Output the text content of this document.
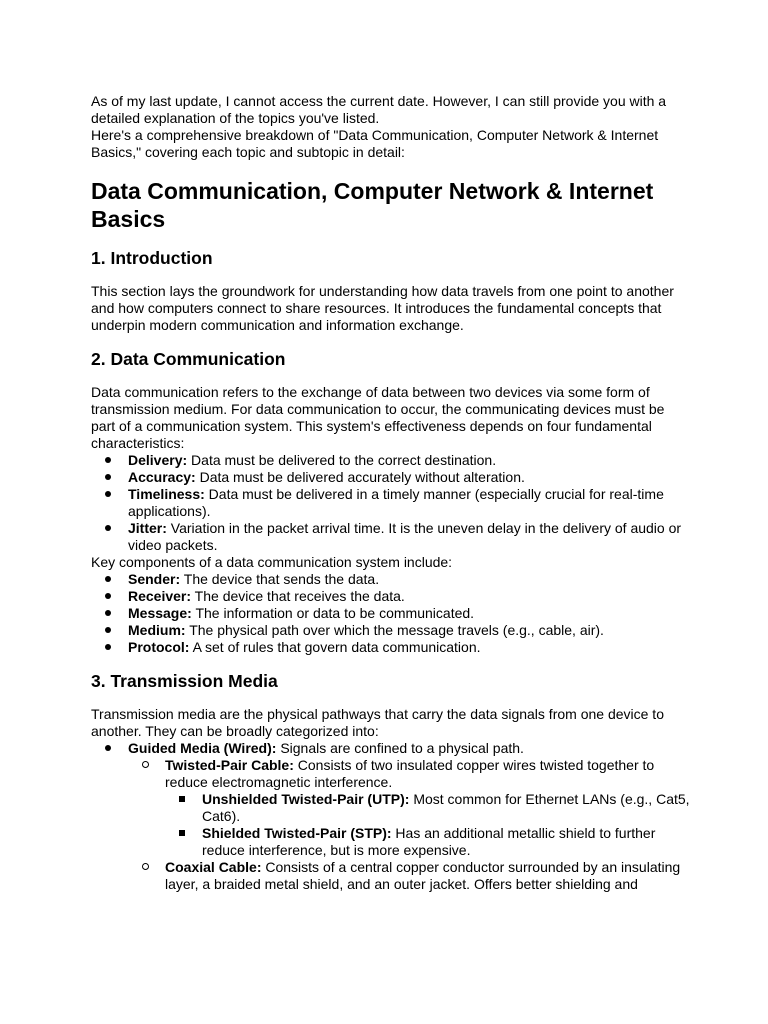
As of my last update, I cannot access the current date. However, I can still provide you with a detailed explanation of the topics you've listed.

Here's a comprehensive breakdown of "Data Communication, Computer Network & Internet Basics," covering each topic and subtopic in detail:

Data Communication, Computer Network & Internet Basics
1. Introduction

This section lays the groundwork for understanding how data travels from one point to another and how computers connect to share resources. It introduces the fundamental concepts that underpin modern communication and information exchange.

2. Data Communication

Data communication refers to the exchange of data between two devices via some form of transmission medium. For data communication to occur, the communicating devices must be part of a communication system. This system's effectiveness depends on four fundamental characteristics:

Delivery: Data must be delivered to the correct destination.
Accuracy: Data must be delivered accurately without alteration.
Timeliness: Data must be delivered in a timely manner (especially crucial for real-time applications).
Jitter: Variation in the packet arrival time. It is the uneven delay in the delivery of audio or video packets.

Key components of a data communication system include:

Sender: The device that sends the data.
Receiver: The device that receives the data.
Message: The information or data to be communicated.
Medium: The physical path over which the message travels (e.g., cable, air).
Protocol: A set of rules that govern data communication.
3. Transmission Media

Transmission media are the physical pathways that carry the data signals from one device to another. They can be broadly categorized into:

Guided Media (Wired): Signals are confined to a physical path.
Twisted-Pair Cable: Consists of two insulated copper wires twisted together to reduce electromagnetic interference.
Unshielded Twisted-Pair (UTP): Most common for Ethernet LANs (e.g., Cat5, Cat6).
Shielded Twisted-Pair (STP): Has an additional metallic shield to further reduce interference, but is more expensive.
Coaxial Cable: Consists of a central copper conductor surrounded by an insulating layer, a braided metal shield, and an outer jacket. Offers better shielding and
